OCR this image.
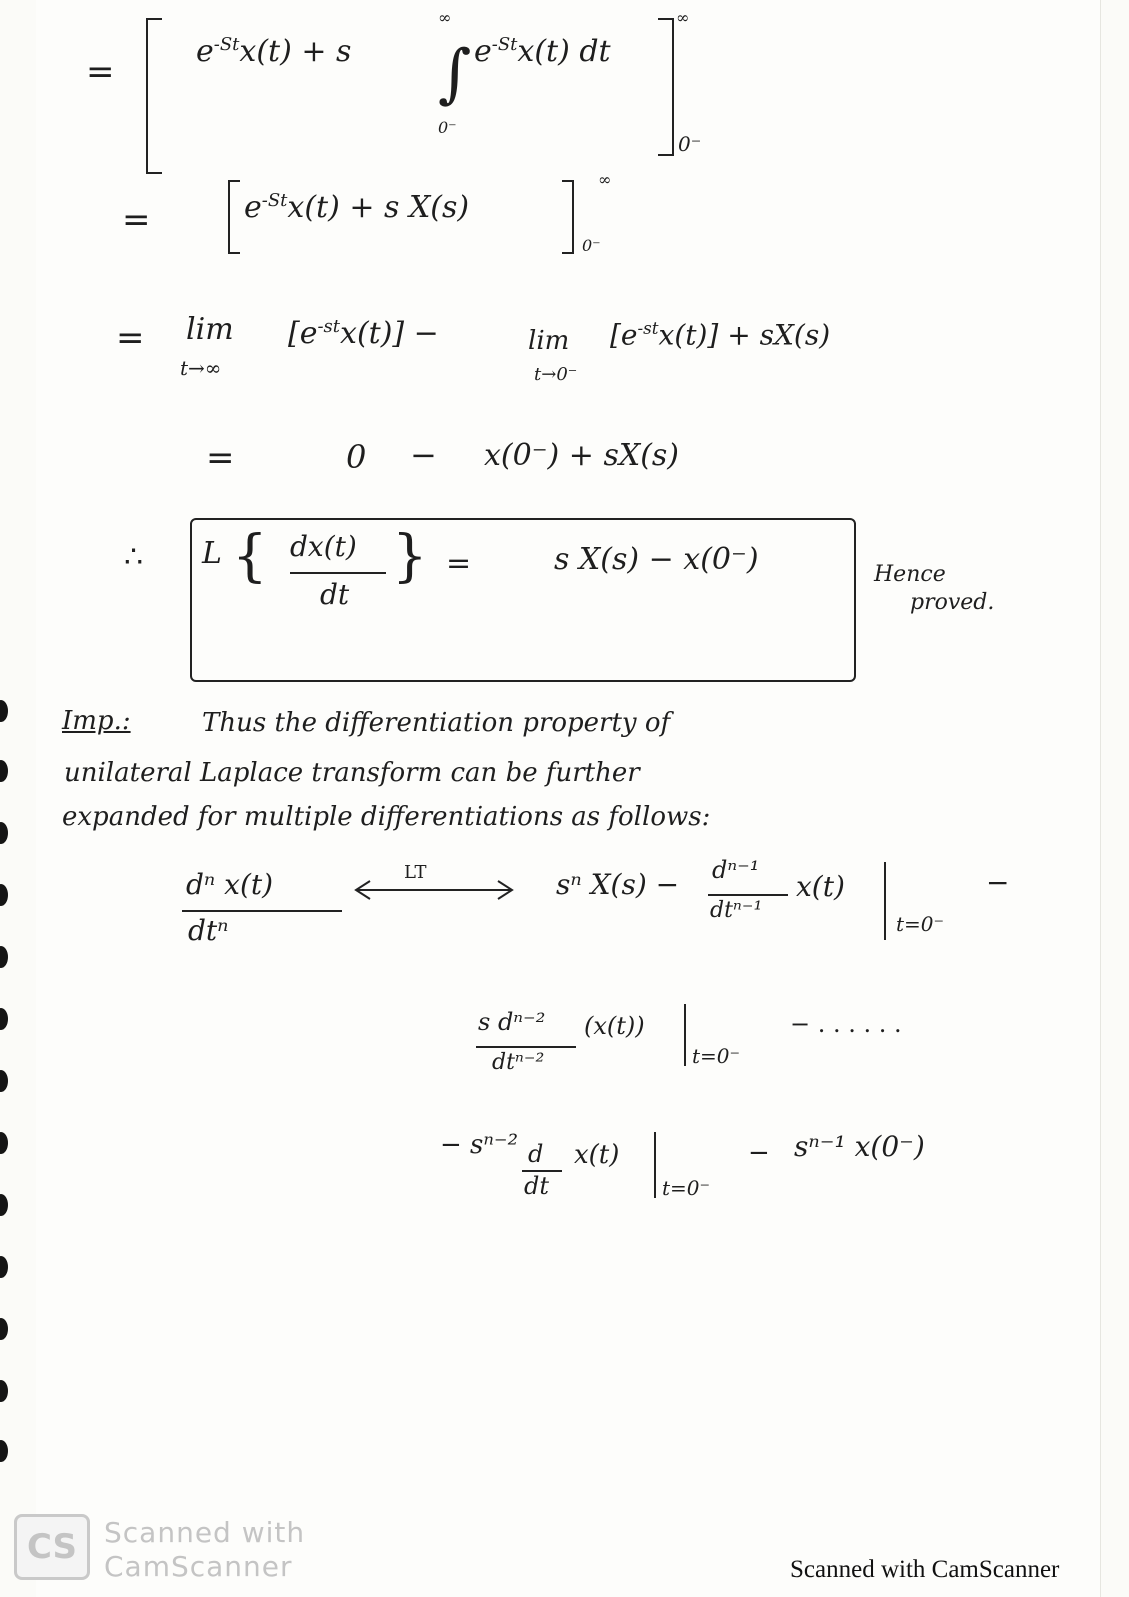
=
$e^{-St}x(t) + s$
∞
∫
0⁻
$e^{-St}x(t)$ dt
∞
0⁻
=	$e^{-St}x(t) + s$ X(s)
∞
0⁻
= lim
t→∞
$[e^{-st}x(t)]$ −	lim
t→0⁻
$[e^{-st}x(t)] + sX(s)$
=	0 − x(0⁻) + sX(s)
∴ L { dx(t)
dt
} =	s X(s) − x(0⁻)	Hence
proved.
Imp.:	Thus the differentiation property of
unilateral Laplace transform can be further
expanded for multiple differentiations as follows:
dⁿ x(t)
dtⁿ
LT	sⁿ X(s) − dⁿ⁻¹
dtⁿ⁻¹
x(t)
t=0⁻
−
s dⁿ⁻²
dtⁿ⁻²
(x(t))
t=0⁻
− . . . . . .
− sⁿ⁻² d
dt
x(t)
t=0⁻
− sⁿ⁻¹ x(0⁻)
CS Scanned with
CamScanner	Scanned with CamScanner
